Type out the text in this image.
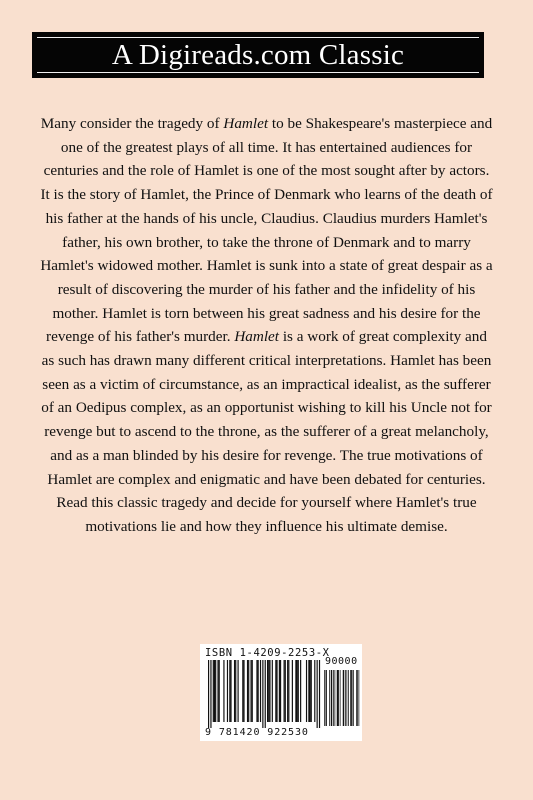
A Digireads.com Classic
Many consider the tragedy of Hamlet to be Shakespeare's masterpiece and one of the greatest plays of all time. It has entertained audiences for centuries and the role of Hamlet is one of the most sought after by actors. It is the story of Hamlet, the Prince of Denmark who learns of the death of his father at the hands of his uncle, Claudius. Claudius murders Hamlet's father, his own brother, to take the throne of Denmark and to marry Hamlet's widowed mother. Hamlet is sunk into a state of great despair as a result of discovering the murder of his father and the infidelity of his mother. Hamlet is torn between his great sadness and his desire for the revenge of his father's murder. Hamlet is a work of great complexity and as such has drawn many different critical interpretations. Hamlet has been seen as a victim of circumstance, as an impractical idealist, as the sufferer of an Oedipus complex, as an opportunist wishing to kill his Uncle not for revenge but to ascend to the throne, as the sufferer of a great melancholy, and as a man blinded by his desire for revenge. The true motivations of Hamlet are complex and enigmatic and have been debated for centuries. Read this classic tragedy and decide for yourself where Hamlet's true motivations lie and how they influence his ultimate demise.
ISBN 1-4209-2253-X
90000
9 781420 922530
